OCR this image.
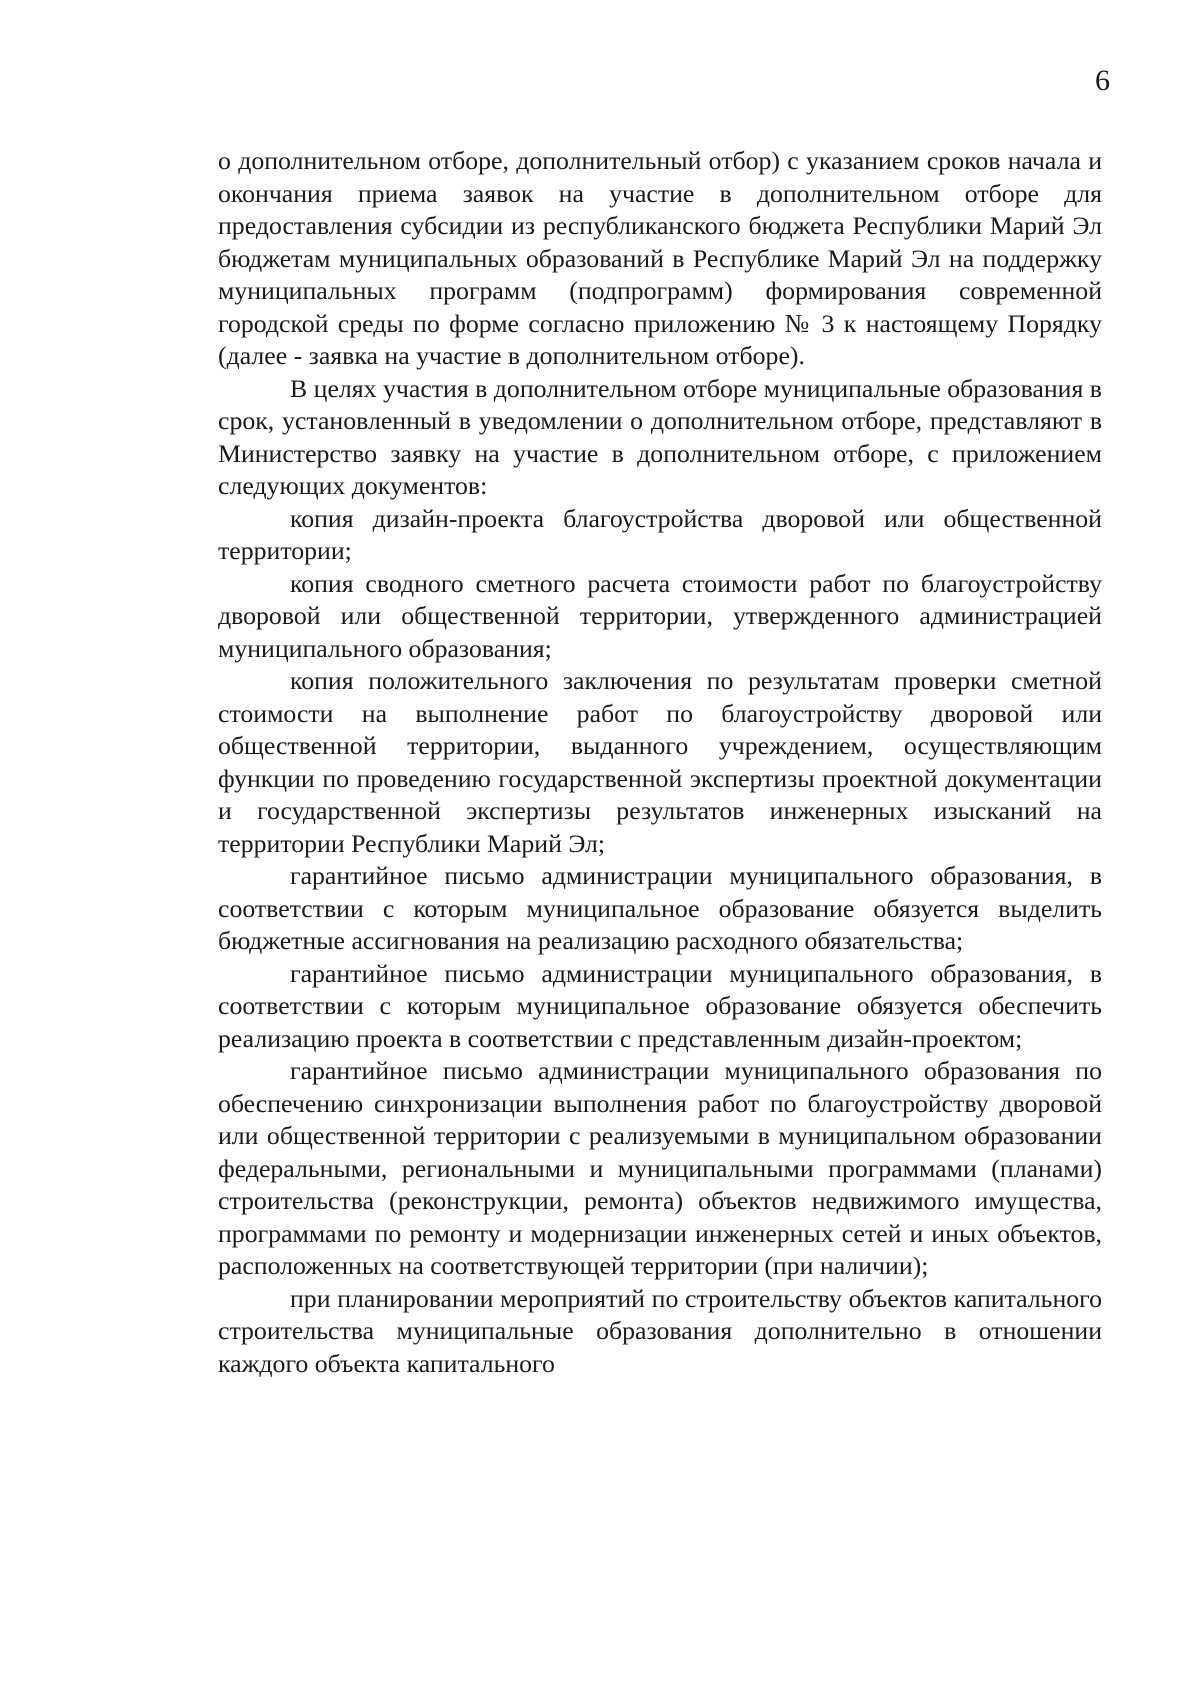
6

о дополнительном отборе, дополнительный отбор) с указанием сроков начала и окончания приема заявок на участие в дополнительном отборе для предоставления субсидии из республиканского бюджета Республики Марий Эл бюджетам муниципальных образований в Республике Марий Эл на поддержку муниципальных программ (подпрограмм) формирования современной городской среды по форме согласно приложению № 3 к настоящему Порядку (далее - заявка на участие в дополнительном отборе).

В целях участия в дополнительном отборе муниципальные образования в срок, установленный в уведомлении о дополнительном отборе, представляют в Министерство заявку на участие в дополнительном отборе, с приложением следующих документов:

копия дизайн-проекта благоустройства дворовой или общественной территории;

копия сводного сметного расчета стоимости работ по благоустройству дворовой или общественной территории, утвержденного администрацией муниципального образования;

копия положительного заключения по результатам проверки сметной стоимости на выполнение работ по благоустройству дворовой или общественной территории, выданного учреждением, осуществляющим функции по проведению государственной экспертизы проектной документации и государственной экспертизы результатов инженерных изысканий на территории Республики Марий Эл;

гарантийное письмо администрации муниципального образования, в соответствии с которым муниципальное образование обязуется выделить бюджетные ассигнования на реализацию расходного обязательства;

гарантийное письмо администрации муниципального образования, в соответствии с которым муниципальное образование обязуется обеспечить реализацию проекта в соответствии с представленным дизайн-проектом;

гарантийное письмо администрации муниципального образования по обеспечению синхронизации выполнения работ по благоустройству дворовой или общественной территории с реализуемыми в муниципальном образовании федеральными, региональными и муниципальными программами (планами) строительства (реконструкции, ремонта) объектов недвижимого имущества, программами по ремонту и модернизации инженерных сетей и иных объектов, расположенных на соответствующей территории (при наличии);

при планировании мероприятий по строительству объектов капитального строительства муниципальные образования дополнительно в отношении каждого объекта капитального
